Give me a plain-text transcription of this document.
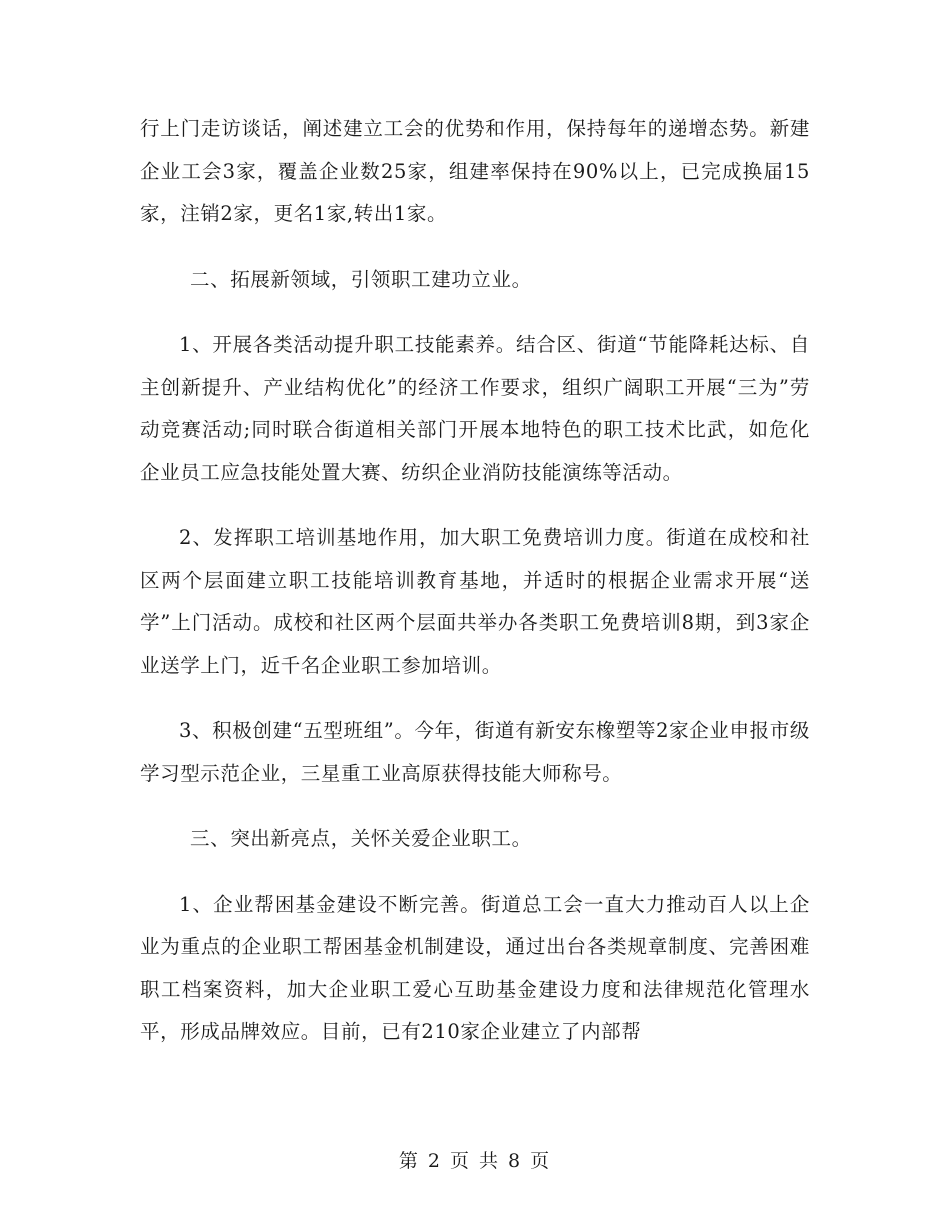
行上门走访谈话，阐述建立工会的优势和作用，保持每年的递增态势。新建企业工会3家，覆盖企业数25家，组建率保持在90%以上，已完成换届15家，注销2家，更名1家,转出1家。

二、拓展新领域，引领职工建功立业。

1、开展各类活动提升职工技能素养。结合区、街道“节能降耗达标、自主创新提升、产业结构优化”的经济工作要求，组织广阔职工开展“三为”劳动竞赛活动;同时联合街道相关部门开展本地特色的职工技术比武，如危化企业员工应急技能处置大赛、纺织企业消防技能演练等活动。

2、发挥职工培训基地作用，加大职工免费培训力度。街道在成校和社区两个层面建立职工技能培训教育基地，并适时的根据企业需求开展“送学”上门活动。成校和社区两个层面共举办各类职工免费培训8期，到3家企业送学上门，近千名企业职工参加培训。

3、积极创建“五型班组”。今年，街道有新安东橡塑等2家企业申报市级学习型示范企业，三星重工业高原获得技能大师称号。

三、突出新亮点，关怀关爱企业职工。

1、企业帮困基金建设不断完善。街道总工会一直大力推动百人以上企业为重点的企业职工帮困基金机制建设，通过出台各类规章制度、完善困难职工档案资料，加大企业职工爱心互助基金建设力度和法律规范化管理水平，形成品牌效应。目前，已有210家企业建立了内部帮

第 2 页 共 8 页
